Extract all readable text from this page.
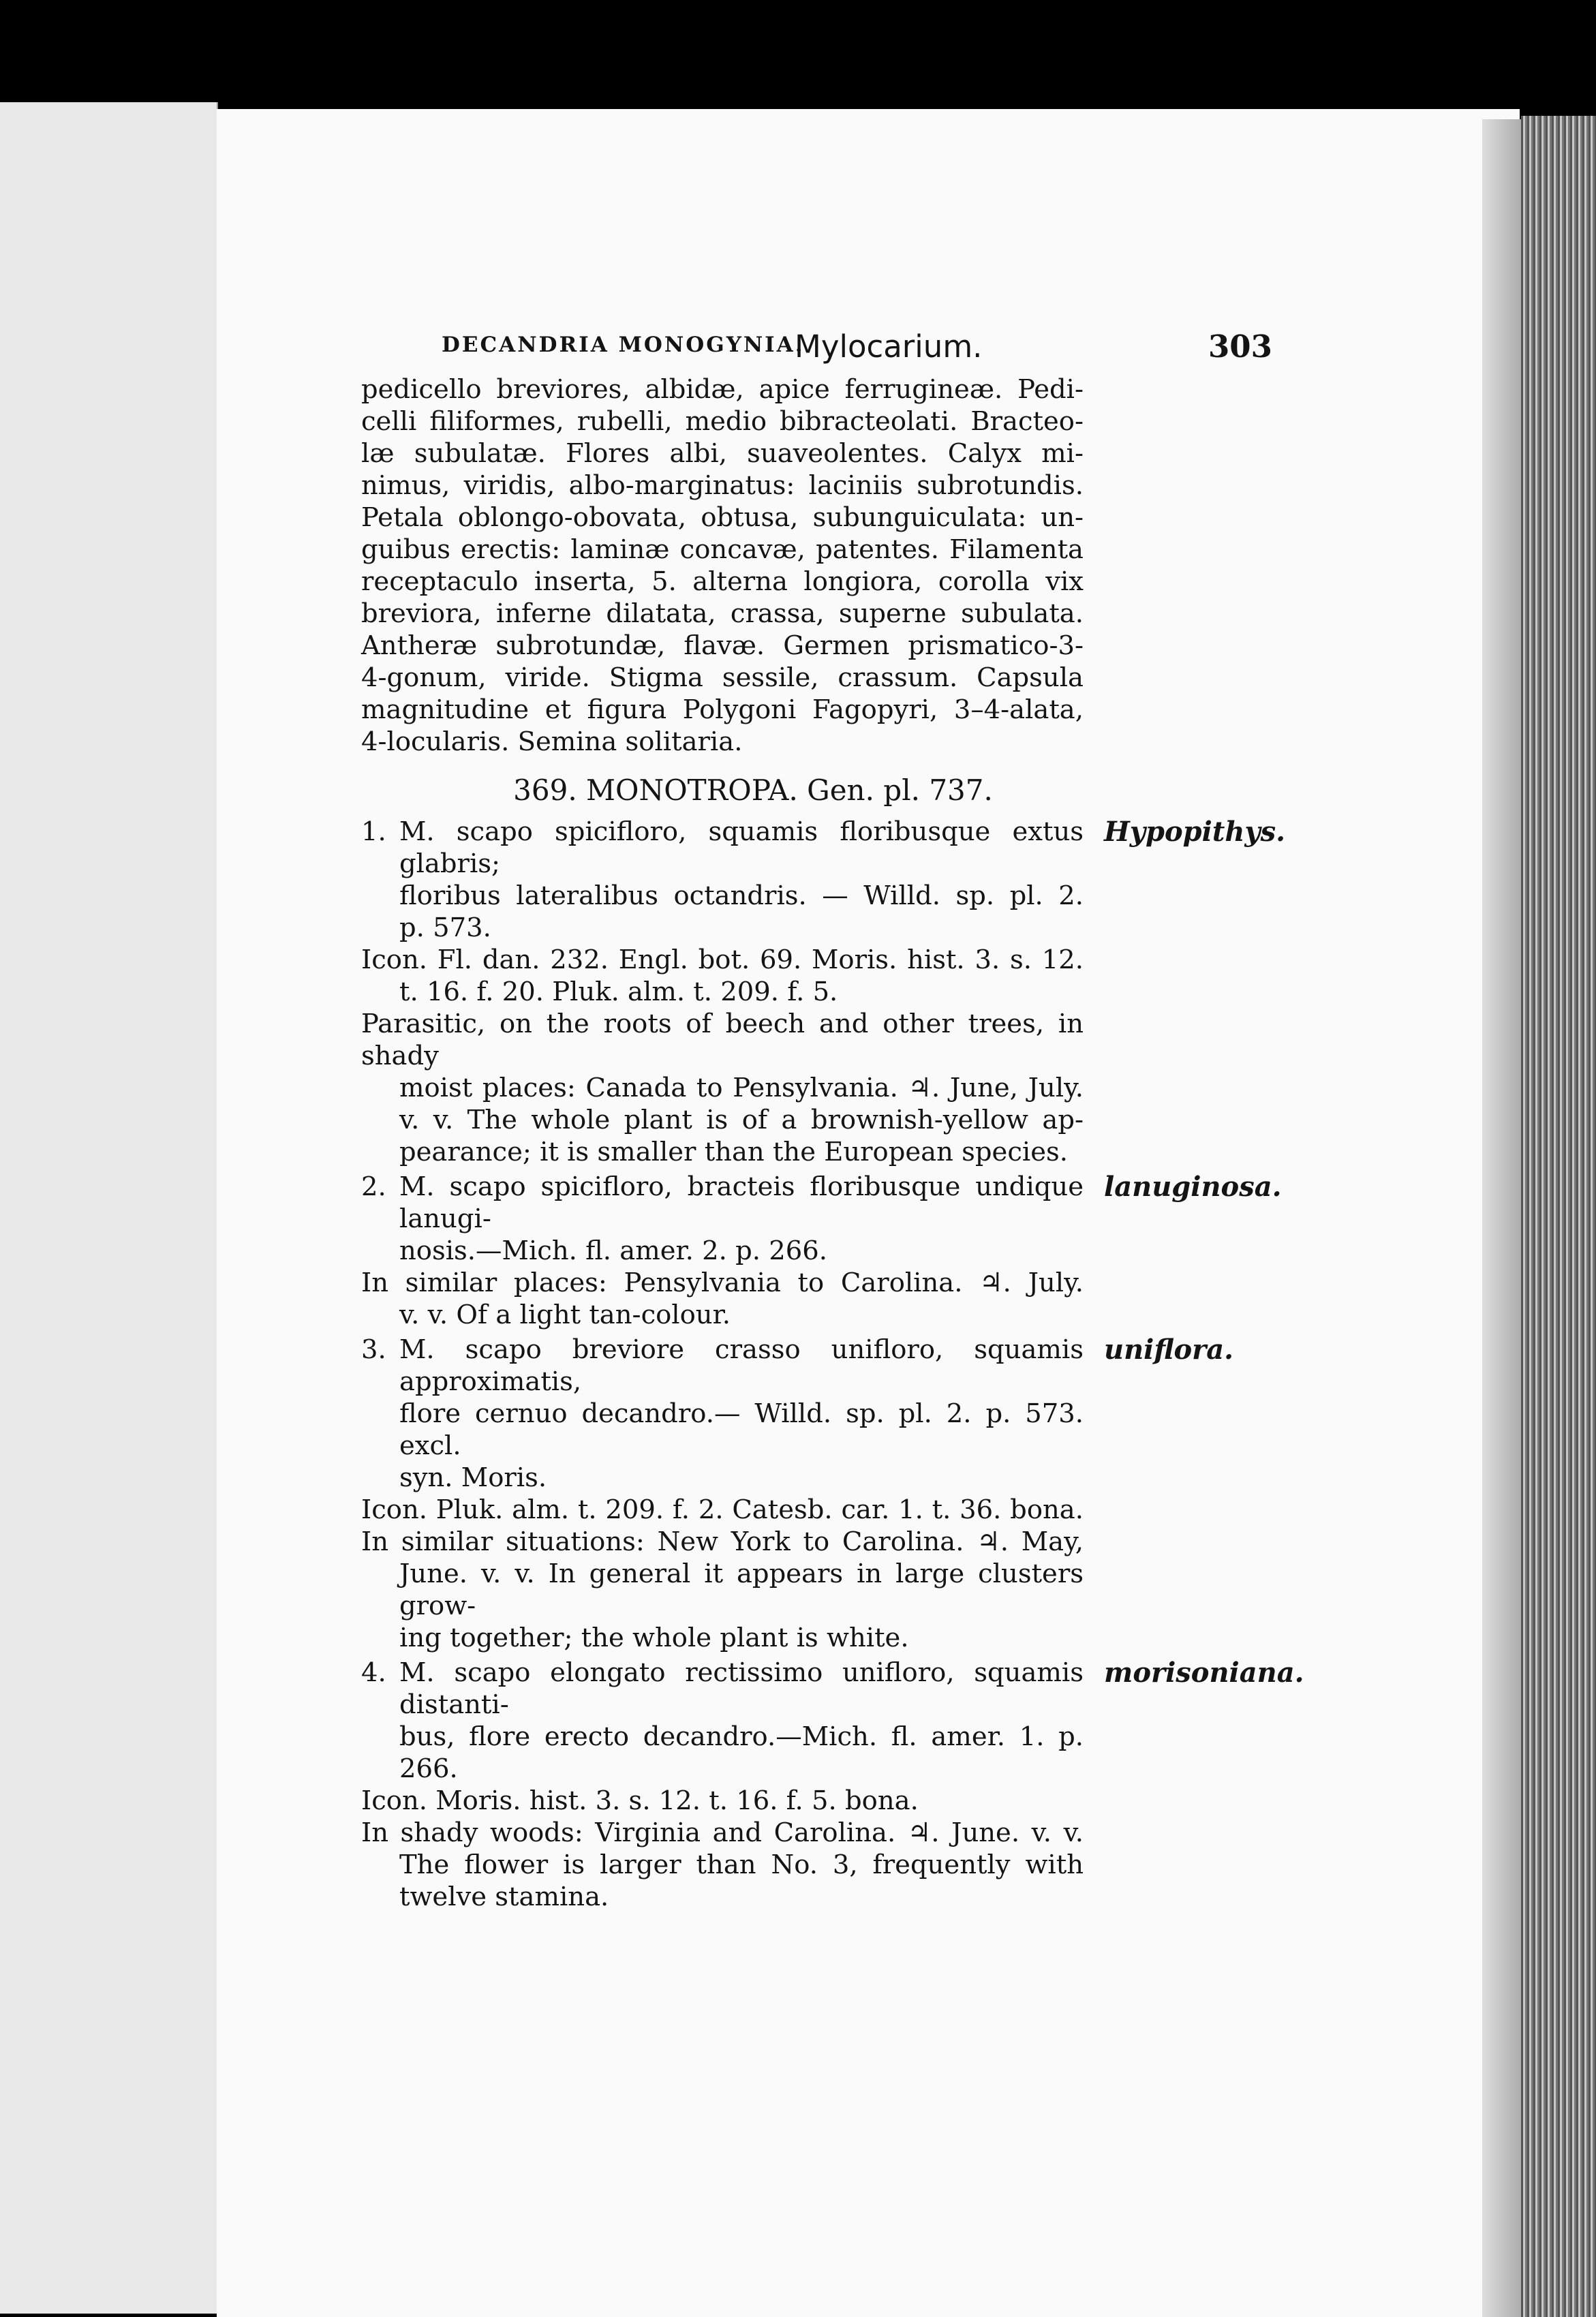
DECANDRIA MONOGYNIA.
Mylocarium.	303

pedicello breviores, albidæ, apice ferrugineæ. Pedi-

celli filiformes, rubelli, medio bibracteolati. Bracteo-

læ subulatæ. Flores albi, suaveolentes. Calyx mi-

nimus, viridis, albo-marginatus: laciniis subrotundis.

Petala oblongo-obovata, obtusa, subunguiculata: un-

guibus erectis: laminæ concavæ, patentes. Filamenta

receptaculo inserta, 5. alterna longiora, corolla vix

breviora, inferne dilatata, crassa, superne subulata.

Antheræ subrotundæ, flavæ. Germen prismatico-3-

4-gonum, viride. Stigma sessile, crassum. Capsula

magnitudine et figura Polygoni Fagopyri, 3–4-alata,

4-locularis. Semina solitaria.

369. MONOTROPA. Gen. pl. 737.

Hypopithys.

1. M. scapo spicifloro, squamis floribusque extus glabris;

floribus lateralibus octandris. — Willd. sp. pl. 2.

p. 573.

Icon. Fl. dan. 232. Engl. bot. 69. Moris. hist. 3. s. 12.

t. 16. f. 20. Pluk. alm. t. 209. f. 5.

Parasitic, on the roots of beech and other trees, in shady

moist places: Canada to Pensylvania. ♃. June, July.

v. v. The whole plant is of a brownish-yellow ap-

pearance; it is smaller than the European species.

lanuginosa.

2. M. scapo spicifloro, bracteis floribusque undique lanugi-

nosis.—Mich. fl. amer. 2. p. 266.

In similar places: Pensylvania to Carolina. ♃. July.

v. v. Of a light tan-colour.

uniflora.

3. M. scapo breviore crasso unifloro, squamis approximatis,

flore cernuo decandro.— Willd. sp. pl. 2. p. 573. excl.

syn. Moris.

Icon. Pluk. alm. t. 209. f. 2. Catesb. car. 1. t. 36. bona.

In similar situations: New York to Carolina. ♃. May,

June. v. v. In general it appears in large clusters grow-

ing together; the whole plant is white.

morisoniana.

4. M. scapo elongato rectissimo unifloro, squamis distanti-

bus, flore erecto decandro.—Mich. fl. amer. 1. p. 266.

Icon. Moris. hist. 3. s. 12. t. 16. f. 5. bona.

In shady woods: Virginia and Carolina. ♃. June. v. v.

The flower is larger than No. 3, frequently with

twelve stamina.
